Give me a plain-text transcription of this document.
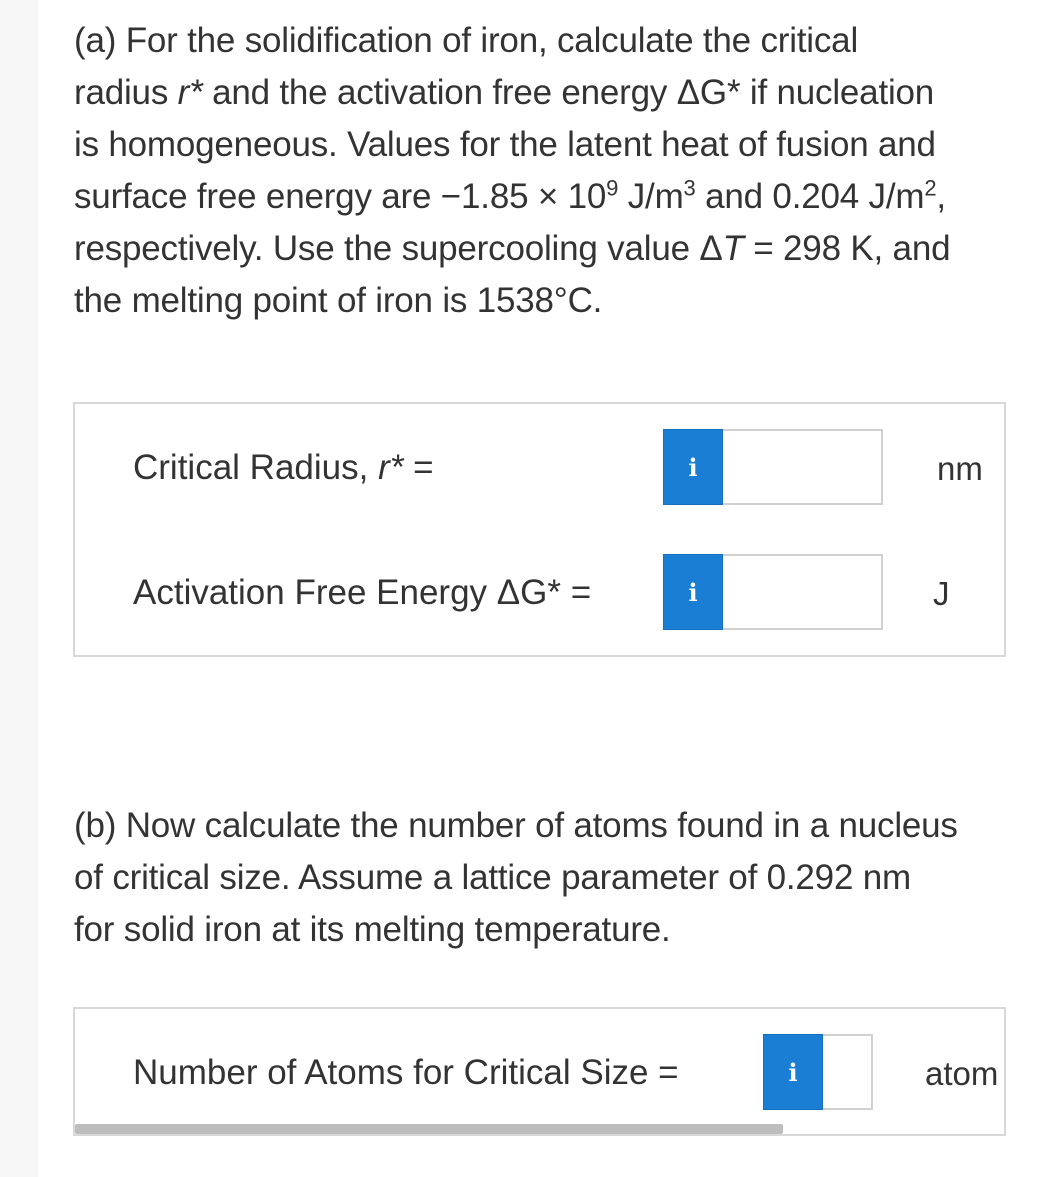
(a) For the solidification of iron, calculate the critical
radius r* and the activation free energy ΔG* if nucleation
is homogeneous. Values for the latent heat of fusion and
surface free energy are $-1.85 \times 10^9$ $J/m^3$ and 0.204 $J/m^2$,
respectively. Use the supercooling value ΔT = 298 K, and
the melting point of iron is 1538°C.
Critical Radius, r* =	i	nm
Activation Free Energy ΔG* =	i	J
(b) Now calculate the number of atoms found in a nucleus
of critical size. Assume a lattice parameter of 0.292 nm
for solid iron at its melting temperature.
Number of Atoms for Critical Size =	i	atom
